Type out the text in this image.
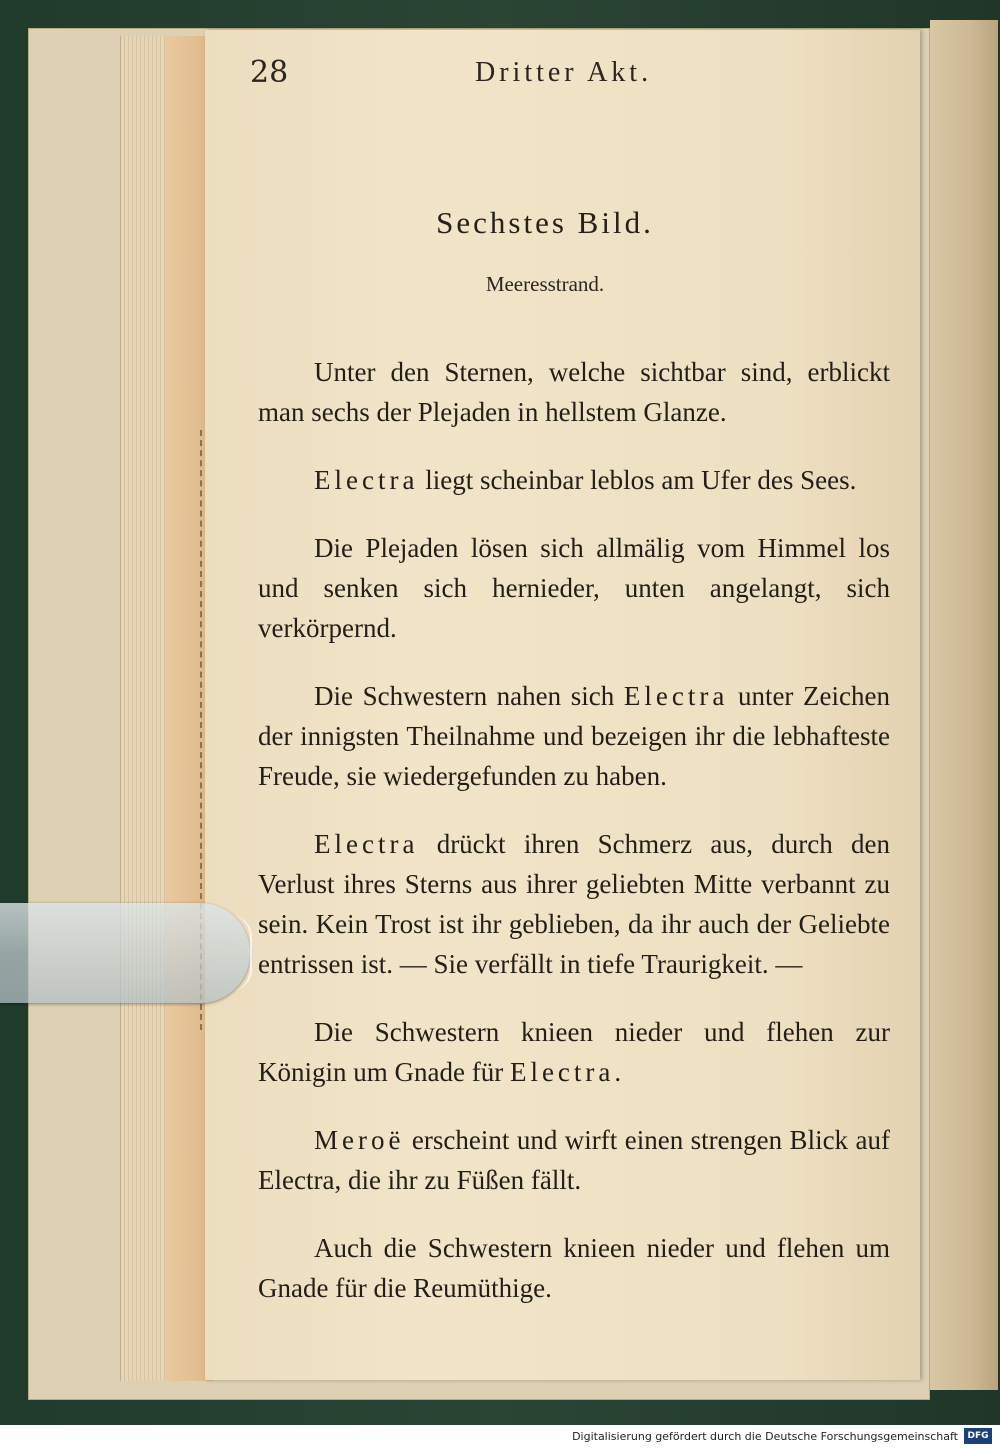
28	Dritter Akt.
Sechstes Bild.
Meeresstrand.

Unter den Sternen, welche sichtbar sind, erblickt man sechs der Plejaden in hellstem Glanze.

Electra liegt scheinbar leblos am Ufer des Sees.

Die Plejaden lösen sich allmälig vom Himmel los und senken sich hernieder, unten angelangt, sich verkörpernd.

Die Schwestern nahen sich Electra unter Zeichen der innigsten Theilnahme und bezeigen ihr die lebhafteste Freude, sie wiedergefunden zu haben.

Electra drückt ihren Schmerz aus, durch den Verlust ihres Sterns aus ihrer geliebten Mitte verbannt zu sein. Kein Trost ist ihr geblieben, da ihr auch der Geliebte entrissen ist. — Sie verfällt in tiefe Traurigkeit. —

Die Schwestern knieen nieder und flehen zur Königin um Gnade für Electra.

Meroë erscheint und wirft einen strengen Blick auf Electra, die ihr zu Füßen fällt.

Auch die Schwestern knieen nieder und flehen um Gnade für die Reumüthige.

Digitalisierung gefördert durch die Deutsche Forschungsgemeinschaft	DFG
